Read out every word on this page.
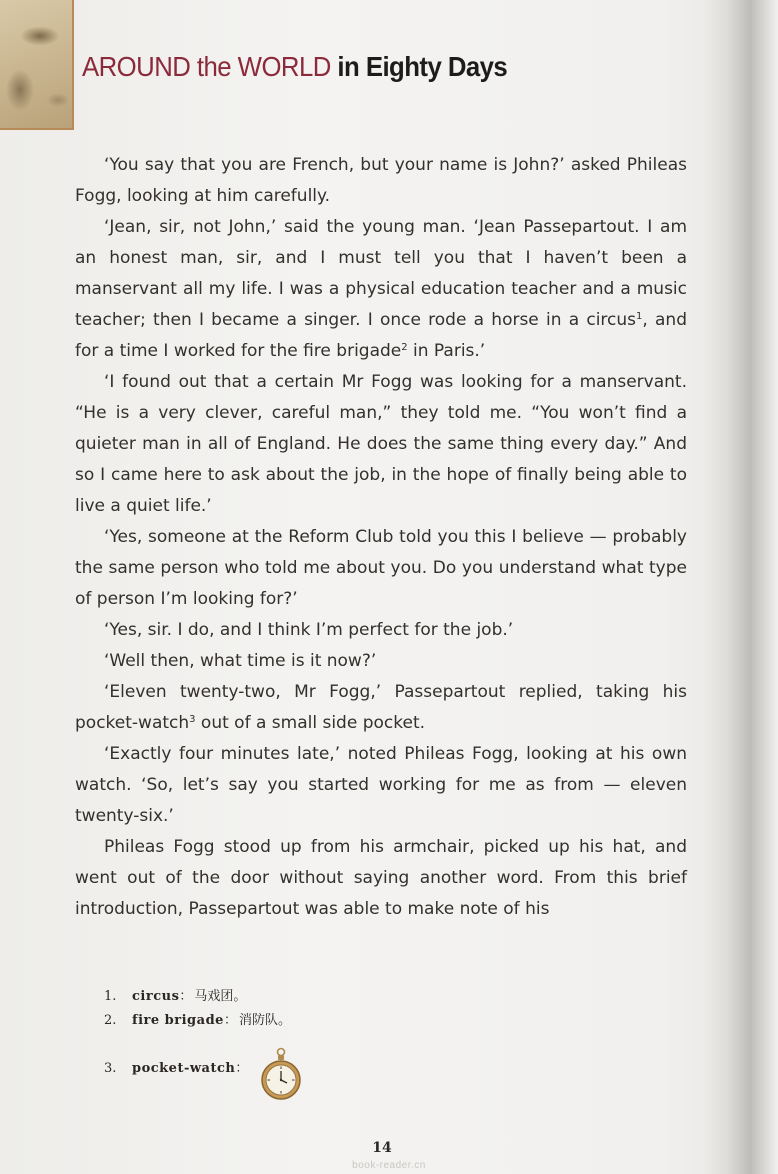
AROUND the WORLD in Eighty Days

‘You say that you are French, but your name is John?’ asked Phileas Fogg, looking at him carefully.

‘Jean, sir, not John,’ said the young man. ‘Jean Passepartout. I am an honest man, sir, and I must tell you that I haven’t been a manservant all my life. I was a physical education teacher and a music teacher; then I became a singer. I once rode a horse in a circus$^1$, and for a time I worked for the fire brigade$^2$ in Paris.’

‘I found out that a certain Mr Fogg was looking for a manservant. “He is a very clever, careful man,” they told me. “You won’t find a quieter man in all of England. He does the same thing every day.” And so I came here to ask about the job, in the hope of finally being able to live a quiet life.’

‘Yes, someone at the Reform Club told you this I believe — probably the same person who told me about you. Do you understand what type of person I’m looking for?’

‘Yes, sir. I do, and I think I’m perfect for the job.’

‘Well then, what time is it now?’

‘Eleven twenty-two, Mr Fogg,’ Passepartout replied, taking his pocket-watch$^3$ out of a small side pocket.

‘Exactly four minutes late,’ noted Phileas Fogg, looking at his own watch. ‘So, let’s say you started working for me as from — eleven twenty-six.’

Phileas Fogg stood up from his armchair, picked up his hat, and went out of the door without saying another word. From this brief introduction, Passepartout was able to make note of his

1. circus： 马戏团。
2. fire brigade： 消防队。
3. pocket-watch：
14
book-reader.cn
